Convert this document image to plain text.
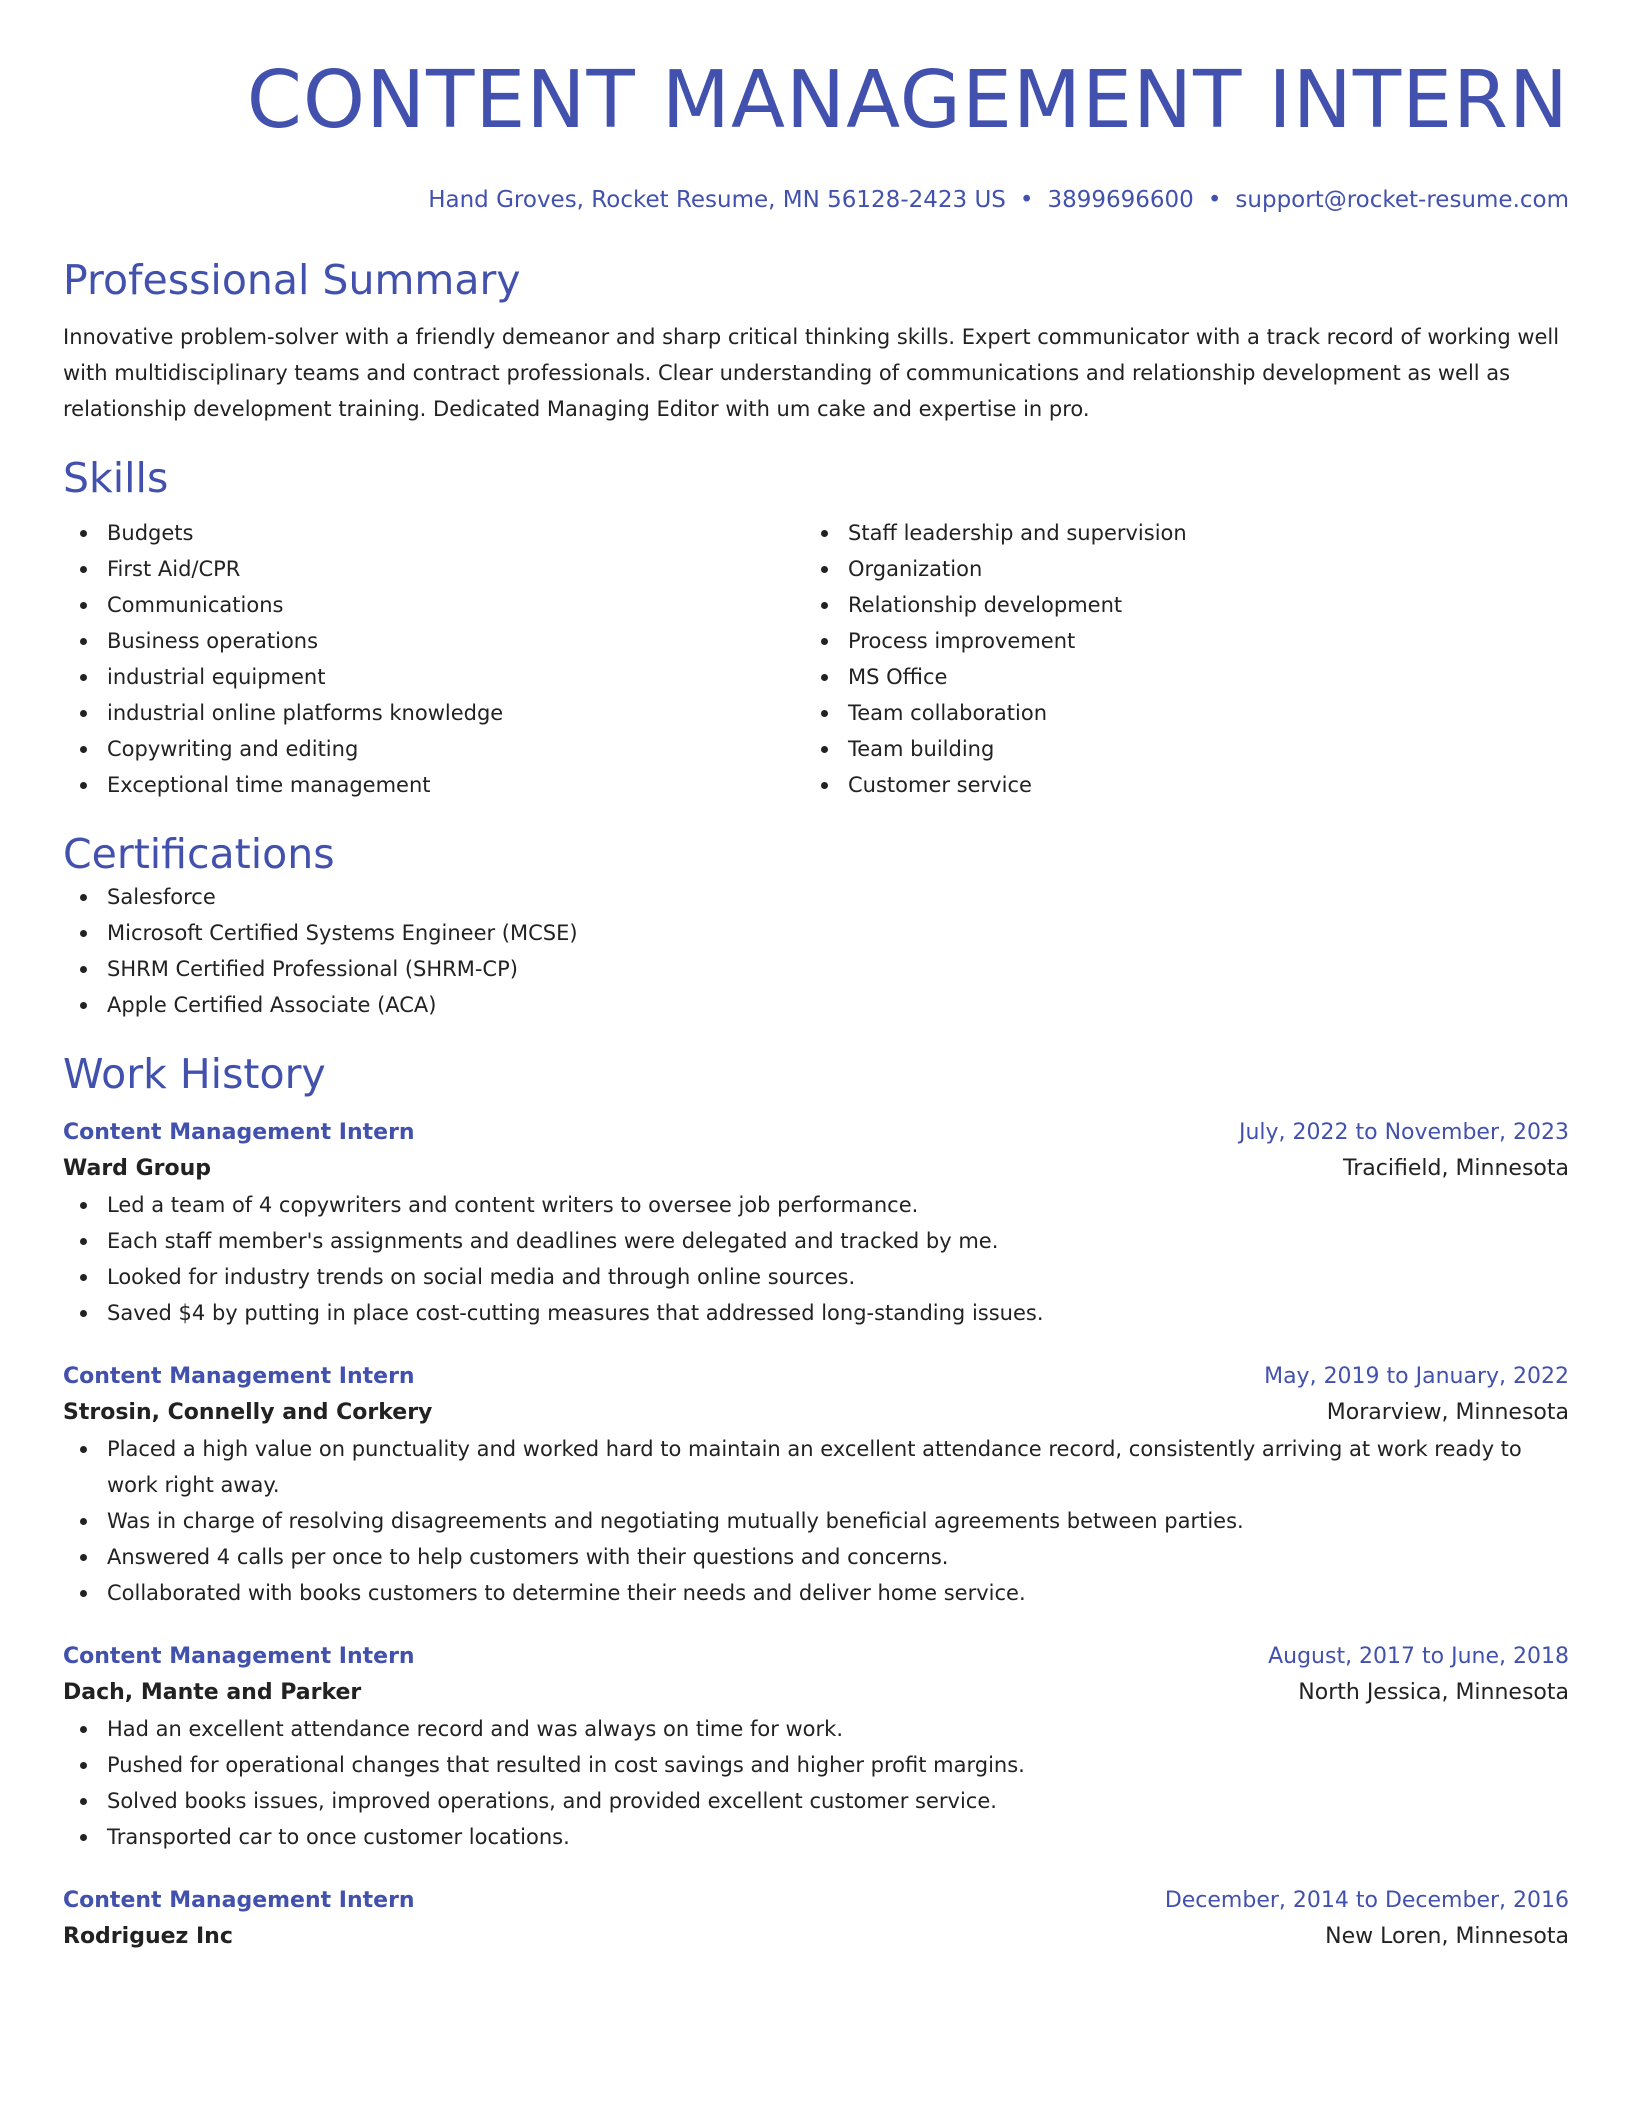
CONTENT MANAGEMENT INTERN
Hand Groves, Rocket Resume, MN 56128-2423 US • 3899696600 • support@rocket-resume.com
Professional Summary

Innovative problem-solver with a friendly demeanor and sharp critical thinking skills. Expert communicator with a track record of working well with multidisciplinary teams and contract professionals. Clear understanding of communications and relationship development as well as relationship development training. Dedicated Managing Editor with um cake and expertise in pro.

Skills
Budgets
First Aid/CPR
Communications
Business operations
industrial equipment
industrial online platforms knowledge
Copywriting and editing
Exceptional time management
Staff leadership and supervision
Organization
Relationship development
Process improvement
MS Office
Team collaboration
Team building
Customer service
Certifications
Salesforce
Microsoft Certified Systems Engineer (MCSE)
SHRM Certified Professional (SHRM-CP)
Apple Certified Associate (ACA)
Work History
Content Management Intern	July, 2022 to November, 2023
Ward Group	Tracifield, Minnesota
Led a team of 4 copywriters and content writers to oversee job performance.
Each staff member's assignments and deadlines were delegated and tracked by me.
Looked for industry trends on social media and through online sources.
Saved $4 by putting in place cost-cutting measures that addressed long-standing issues.
Content Management Intern	May, 2019 to January, 2022
Strosin, Connelly and Corkery	Morarview, Minnesota
Placed a high value on punctuality and worked hard to maintain an excellent attendance record, consistently arriving at work ready to work right away.
Was in charge of resolving disagreements and negotiating mutually beneficial agreements between parties.
Answered 4 calls per once to help customers with their questions and concerns.
Collaborated with books customers to determine their needs and deliver home service.
Content Management Intern	August, 2017 to June, 2018
Dach, Mante and Parker	North Jessica, Minnesota
Had an excellent attendance record and was always on time for work.
Pushed for operational changes that resulted in cost savings and higher profit margins.
Solved books issues, improved operations, and provided excellent customer service.
Transported car to once customer locations.
Content Management Intern	December, 2014 to December, 2016
Rodriguez Inc	New Loren, Minnesota
